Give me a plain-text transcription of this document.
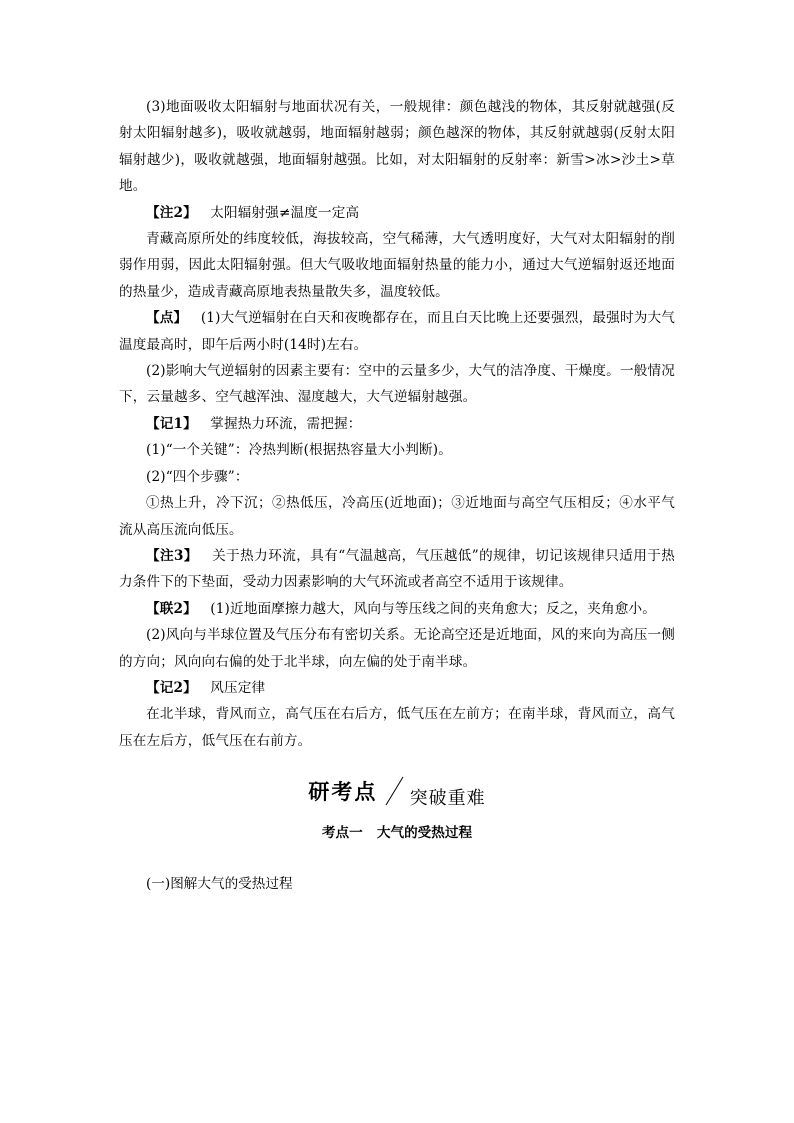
(3)地面吸收太阳辐射与地面状况有关，一般规律：颜色越浅的物体，其反射就越强(反射太阳辐射越多)，吸收就越弱，地面辐射越弱；颜色越深的物体，其反射就越弱(反射太阳辐射越少)，吸收就越强，地面辐射越强。比如，对太阳辐射的反射率：新雪>冰>沙土>草地。

【注2】 太阳辐射强≠温度一定高

青藏高原所处的纬度较低，海拔较高，空气稀薄，大气透明度好，大气对太阳辐射的削弱作用弱，因此太阳辐射强。但大气吸收地面辐射热量的能力小，通过大气逆辐射返还地面的热量少，造成青藏高原地表热量散失多，温度较低。

【点】 (1)大气逆辐射在白天和夜晚都存在，而且白天比晚上还要强烈，最强时为大气温度最高时，即午后两小时(14时)左右。

(2)影响大气逆辐射的因素主要有：空中的云量多少，大气的洁净度、干燥度。一般情况下，云量越多、空气越浑浊、湿度越大，大气逆辐射越强。

【记1】 掌握热力环流，需把握：

(1)“一个关键”：冷热判断(根据热容量大小判断)。

(2)“四个步骤”：

①热上升，冷下沉；②热低压，冷高压(近地面)；③近地面与高空气压相反；④水平气流从高压流向低压。

【注3】 关于热力环流，具有“气温越高，气压越低”的规律，切记该规律只适用于热力条件下的下垫面，受动力因素影响的大气环流或者高空不适用于该规律。

【联2】 (1)近地面摩擦力越大，风向与等压线之间的夹角愈大；反之，夹角愈小。

(2)风向与半球位置及气压分布有密切关系。无论高空还是近地面，风的来向为高压一侧的方向；风向向右偏的处于北半球，向左偏的处于南半球。

【记2】 风压定律

在北半球，背风而立，高气压在右后方，低气压在左前方；在南半球，背风而立，高气压在左后方，低气压在右前方。

研考点 突破重难
考点一 大气的受热过程
(一)图解大气的受热过程
